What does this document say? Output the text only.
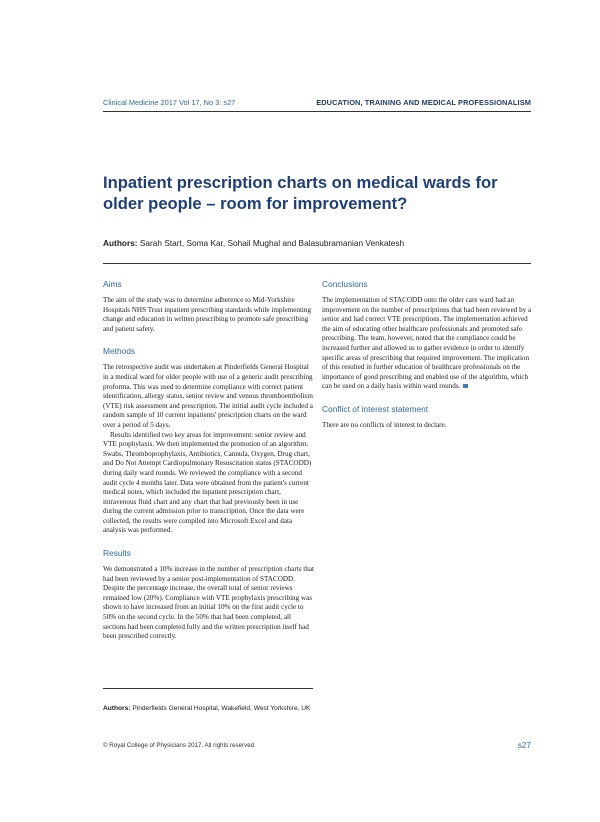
Clinical Medicine 2017 Vol 17, No 3: s27	EDUCATION, TRAINING AND MEDICAL PROFESSIONALISM
Inpatient prescription charts on medical wards for older people – room for improvement?
Authors: Sarah Start, Soma Kar, Sohail Mughal and Balasubramanian Venkatesh
Aims

The aim of the study was to determine adherence to Mid-Yorkshire Hospitals NHS Trust inpatient prescribing standards while implementing change and education in written prescribing to promote safe prescribing and patient safety.

Methods

The retrospective audit was undertaken at Pinderfields General Hospital in a medical ward for older people with use of a generic audit prescribing proforma. This was used to determine compliance with correct patient identification, allergy status, senior review and venous thromboembolism (VTE) risk assessment and prescription. The initial audit cycle included a random sample of 10 current inpatients' prescription charts on the ward over a period of 5 days.

Results identified two key areas for improvement: senior review and VTE prophylaxis. We then implemented the promotion of an algorithm: Swabs, Thromboprophylaxis, Antibiotics, Cannula, Oxygen, Drug chart, and Do Not Attempt Cardiopulmonary Resuscitation status (STACODD) during daily ward rounds. We reviewed the compliance with a second audit cycle 4 months later. Data were obtained from the patient's current medical notes, which included the inpatient prescription chart, intravenous fluid chart and any chart that had previously been in use during the current admission prior to transcription. Once the data were collected, the results were compiled into Microsoft Excel and data analysis was performed.

Results

We demonstrated a 10% increase in the number of prescription charts that had been reviewed by a senior post-implementation of STACODD. Despite the percentage increase, the overall total of senior reviews remained low (20%). Compliance with VTE prophylaxis prescribing was shown to have increased from an initial 10% on the first audit cycle to 50% on the second cycle. In the 50% that had been completed, all sections had been completed fully and the written prescription itself had been prescribed correctly.

Conclusions

The implementation of STACODD onto the older care ward had an improvement on the number of prescriptions that had been reviewed by a senior and had correct VTE prescriptions. The implementation achieved the aim of educating other healthcare professionals and promoted safe prescribing. The team, however, noted that the compliance could be increased further and allowed us to gather evidence in order to identify specific areas of prescribing that required improvement. The implication of this resulted in further education of healthcare professionals on the importance of good prescribing and enabled use of the algorithm, which can be used on a daily basis within ward rounds.

Conflict of interest statement

There are no conflicts of interest to declare.

Authors: Pinderfields General Hospital, Wakefield, West Yorkshire, UK
© Royal College of Physicians 2017. All rights reserved.	s27
